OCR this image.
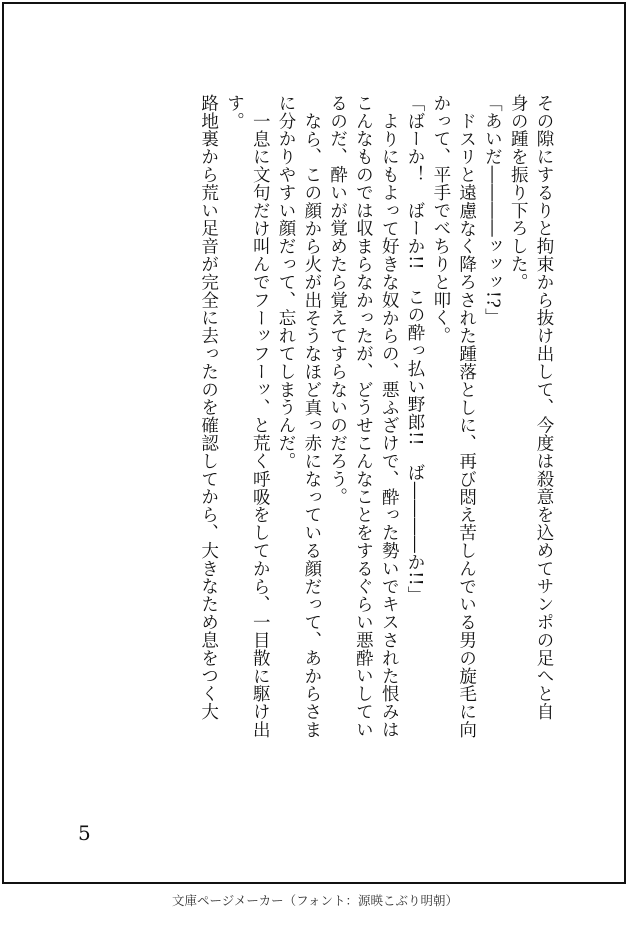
その隙にするりと拘束から抜け出して、今度は殺意を込めてサンポの足へと自
身の踵を振り下ろした。
「あいだ――――ッッッ!?」
ドスリと遠慮なく降ろされた踵落としに、再び悶え苦しんでいる男の旋毛に向
かって、平手でべちりと叩く。
「ばーか！　ばーか!!　この酔っ払い野郎!!　ば――――か!!」
よりにもよって好きな奴からの、悪ふざけで、酔った勢いでキスされた恨みは
こんなものでは収まらなかったが、どうせこんなことをするぐらい悪酔いしてい
るのだ、酔いが覚めたら覚えてすらないのだろう。
なら、この顔から火が出そうなほど真っ赤になっている顔だって、あからさま
に分かりやすい顔だって、忘れてしまうんだ。
一息に文句だけ叫んでフーッフーッ、と荒く呼吸をしてから、一目散に駆け出
す。
路地裏から荒い足音が完全に去ったのを確認してから、大きなため息をつく大
5
文庫ページメーカー（フォント：源暎こぶり明朝）
